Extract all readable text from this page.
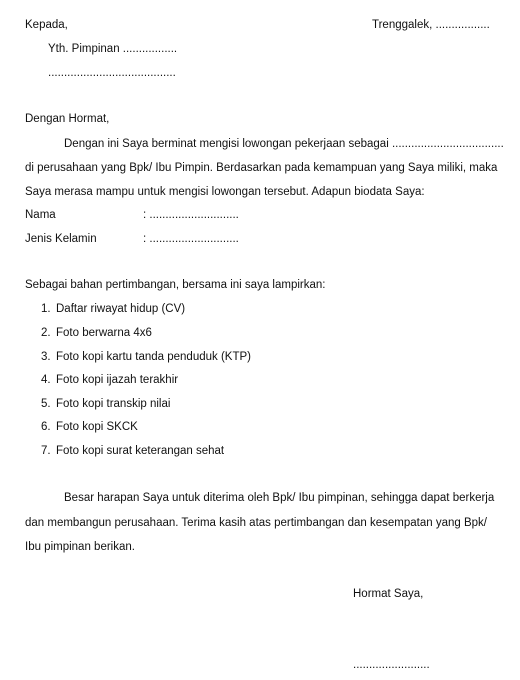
Kepada,	Trenggalek, .................
Yth. Pimpinan .................
........................................
Dengan Hormat,
Dengan ini Saya berminat mengisi lowongan pekerjaan sebagai ...................................
di perusahaan yang Bpk/ Ibu Pimpin. Berdasarkan pada kemampuan yang Saya miliki, maka
Saya merasa mampu untuk mengisi lowongan tersebut. Adapun biodata Saya:
Nama	: ............................
Jenis Kelamin	: ............................
Sebagai bahan pertimbangan, bersama ini saya lampirkan:
1. Daftar riwayat hidup (CV)
2. Foto berwarna 4x6
3. Foto kopi kartu tanda penduduk (KTP)
4. Foto kopi ijazah terakhir
5. Foto kopi transkip nilai
6. Foto kopi SKCK
7. Foto kopi surat keterangan sehat
Besar harapan Saya untuk diterima oleh Bpk/ Ibu pimpinan, sehingga dapat berkerja
dan membangun perusahaan. Terima kasih atas pertimbangan dan kesempatan yang Bpk/
Ibu pimpinan berikan.
Hormat Saya,
........................
